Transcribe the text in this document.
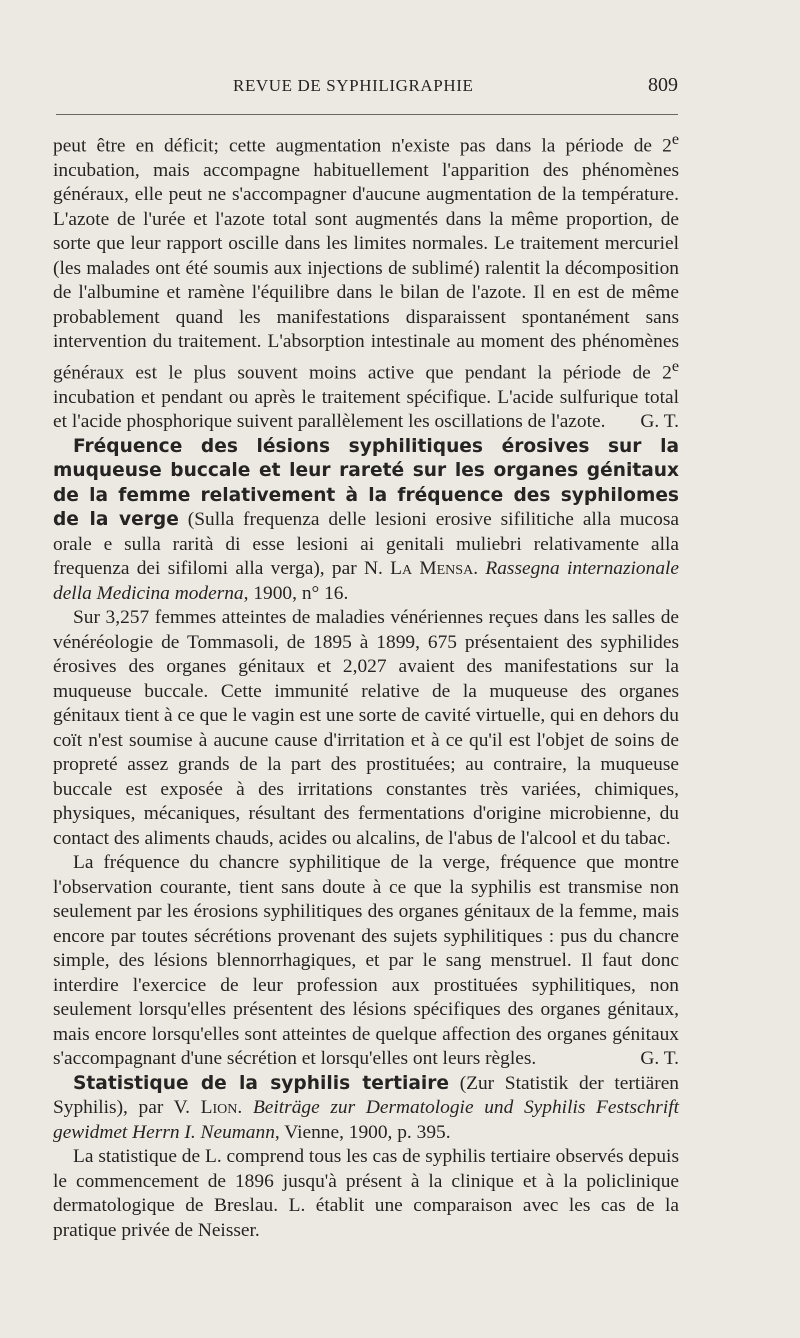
REVUE DE SYPHILIGRAPHIE	809

peut être en déficit; cette augmentation n'existe pas dans la période de 2e incubation, mais accompagne habituellement l'apparition des phénomènes généraux, elle peut ne s'accompagner d'aucune augmentation de la température. L'azote de l'urée et l'azote total sont augmentés dans la même proportion, de sorte que leur rapport oscille dans les limites normales. Le traitement mercuriel (les malades ont été soumis aux injections de sublimé) ralentit la décomposition de l'albumine et ramène l'équilibre dans le bilan de l'azote. Il en est de même probablement quand les manifestations disparaissent spontanément sans intervention du traitement. L'absorption intestinale au moment des phénomènes généraux est le plus souvent moins active que pendant la période de 2e incubation et pendant ou après le traitement spécifique. L'acide sulfurique total et l'acide phosphorique suivent parallèlement les oscillations de l'azote. G. T.

Fréquence des lésions syphilitiques érosives sur la muqueuse buccale et leur rareté sur les organes génitaux de la femme relativement à la fréquence des syphilomes de la verge (Sulla frequenza delle lesioni erosive sifilitiche alla mucosa orale e sulla rarità di esse lesioni ai genitali muliebri relativamente alla frequenza dei sifilomi alla verga), par N. La Mensa. Rassegna internazionale della Medicina moderna, 1900, n° 16.

Sur 3,257 femmes atteintes de maladies vénériennes reçues dans les salles de vénéréologie de Tommasoli, de 1895 à 1899, 675 présentaient des syphilides érosives des organes génitaux et 2,027 avaient des manifestations sur la muqueuse buccale. Cette immunité relative de la muqueuse des organes génitaux tient à ce que le vagin est une sorte de cavité virtuelle, qui en dehors du coït n'est soumise à aucune cause d'irritation et à ce qu'il est l'objet de soins de propreté assez grands de la part des prostituées; au contraire, la muqueuse buccale est exposée à des irritations constantes très variées, chimiques, physiques, mécaniques, résultant des fermentations d'origine microbienne, du contact des aliments chauds, acides ou alcalins, de l'abus de l'alcool et du tabac.

La fréquence du chancre syphilitique de la verge, fréquence que montre l'observation courante, tient sans doute à ce que la syphilis est transmise non seulement par les érosions syphilitiques des organes génitaux de la femme, mais encore par toutes sécrétions provenant des sujets syphilitiques : pus du chancre simple, des lésions blennorrhagiques, et par le sang menstruel. Il faut donc interdire l'exercice de leur profession aux prostituées syphilitiques, non seulement lorsqu'elles présentent des lésions spécifiques des organes génitaux, mais encore lorsqu'elles sont atteintes de quelque affection des organes génitaux s'accompagnant d'une sécrétion et lorsqu'elles ont leurs règles.	G. T.

Statistique de la syphilis tertiaire (Zur Statistik der tertiären Syphilis), par V. Lion. Beiträge zur Dermatologie und Syphilis Festschrift gewidmet Herrn I. Neumann, Vienne, 1900, p. 395.

La statistique de L. comprend tous les cas de syphilis tertiaire observés depuis le commencement de 1896 jusqu'à présent à la clinique et à la policlinique dermatologique de Breslau. L. établit une comparaison avec les cas de la pratique privée de Neisser.
